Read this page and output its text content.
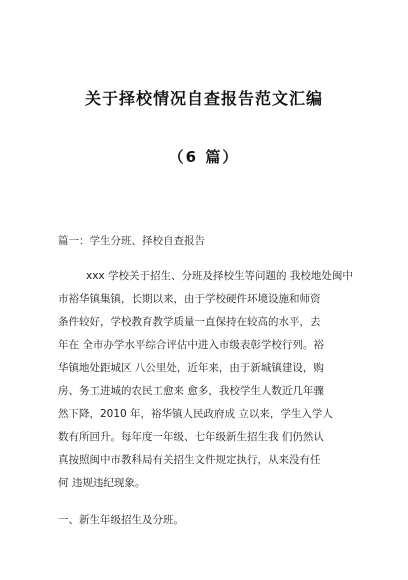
关于择校情况自查报告范文汇编
（6 篇）
篇一：学生分班、择校自查报告
xxx 学校关于招生、分班及择校生等问题的 我校地处闽中
市裕华镇集镇，长期以来，由于学校硬件环境设施和师资
条件较好，学校教育教学质量一直保持在较高的水平，去
年在 全市办学水平综合评估中进入市级表彰学校行列。裕
华镇地处距城区 八公里处，近年来，由于新城镇建设，购
房、务工进城的农民工愈来 愈多，我校学生人数近几年骤
然下降，2010 年，裕华镇人民政府成 立以来，学生入学人
数有所回升。每年度一年级、七年级新生招生我 们仍然认
真按照闽中市教科局有关招生文件规定执行，从来没有任
何 违规违纪现象。
一、新生年级招生及分班。
